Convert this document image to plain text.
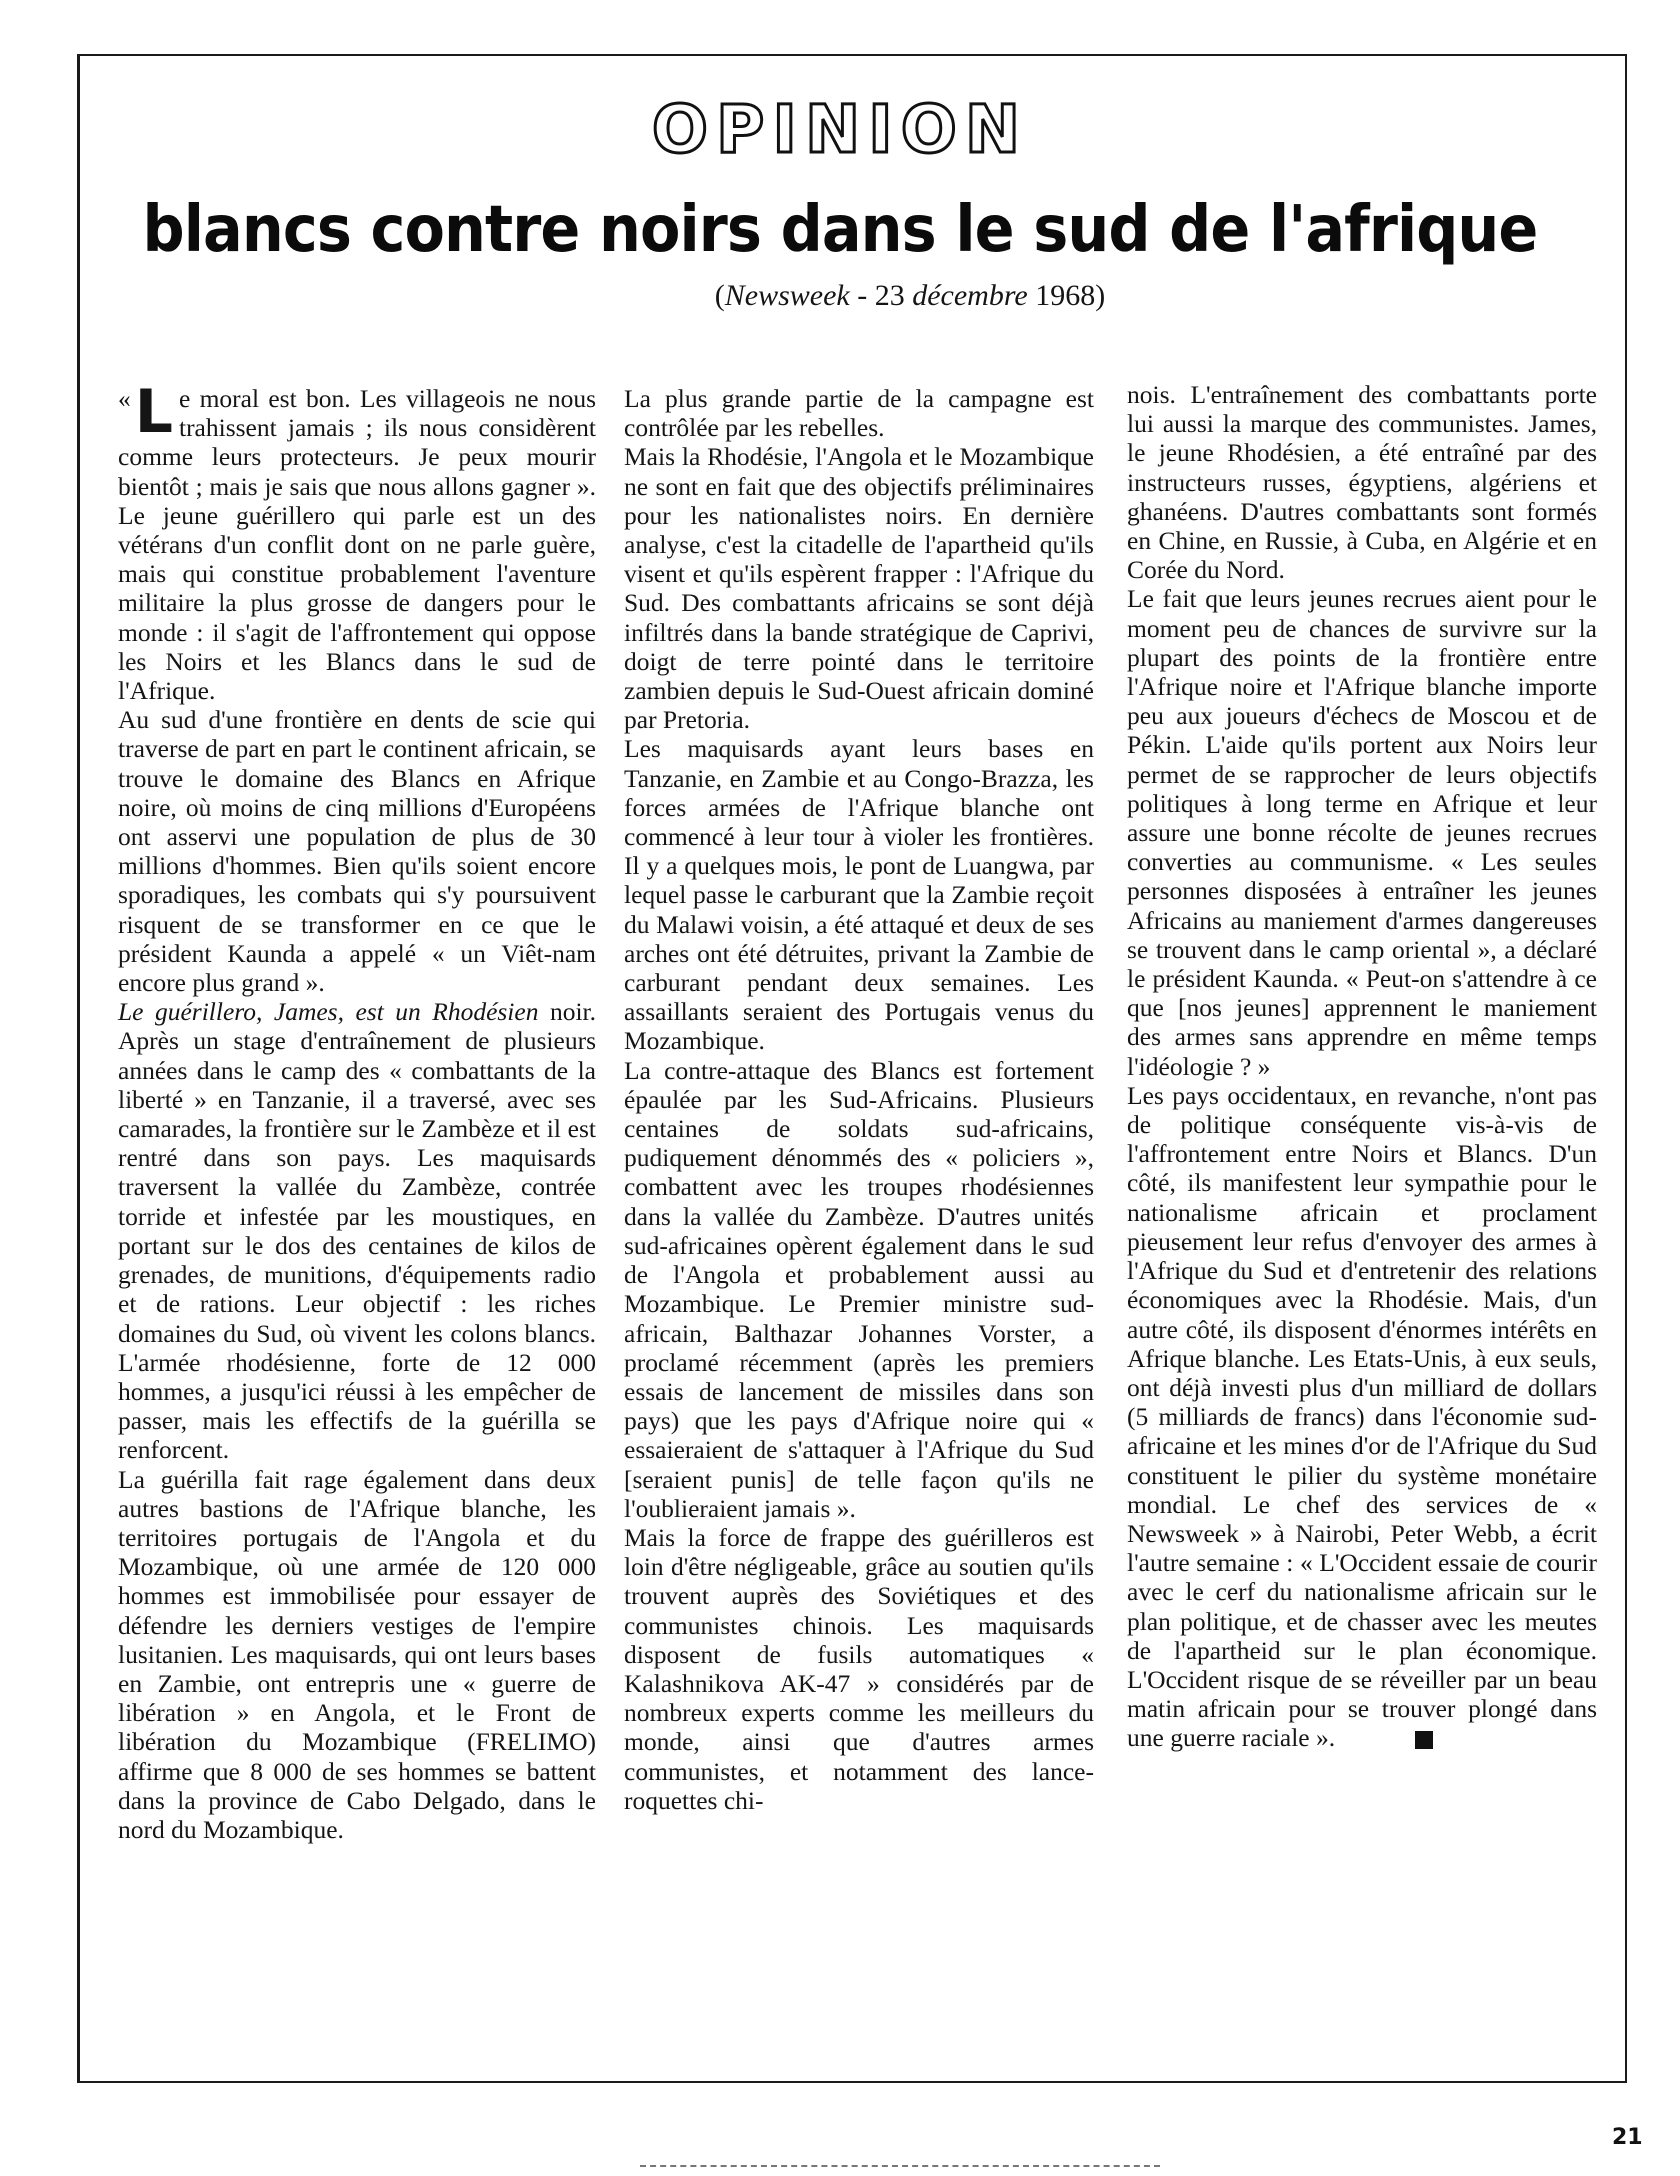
OPINION
blancs contre noirs dans le sud de l'afrique
(Newsweek - 23 décembre 1968)

« L e moral est bon. Les villageois ne nous trahissent jamais ; ils nous considèrent comme leurs protecteurs. Je peux mourir bientôt ; mais je sais que nous allons gagner ». Le jeune guérillero qui parle est un des vétérans d'un conflit dont on ne parle guère, mais qui constitue probablement l'aventure militaire la plus grosse de dangers pour le monde : il s'agit de l'affrontement qui oppose les Noirs et les Blancs dans le sud de l'Afrique.

Au sud d'une frontière en dents de scie qui traverse de part en part le continent africain, se trouve le domaine des Blancs en Afrique noire, où moins de cinq millions d'Européens ont asservi une population de plus de 30 millions d'hommes. Bien qu'ils soient encore sporadiques, les combats qui s'y poursuivent risquent de se transformer en ce que le président Kaunda a appelé « un Viêt-nam encore plus grand ».

Le guérillero, James, est un Rhodésien noir. Après un stage d'entraînement de plusieurs années dans le camp des « combattants de la liberté » en Tanzanie, il a traversé, avec ses camarades, la frontière sur le Zambèze et il est rentré dans son pays. Les maquisards traversent la vallée du Zambèze, contrée torride et infestée par les moustiques, en portant sur le dos des centaines de kilos de grenades, de munitions, d'équipements radio et de rations. Leur objectif : les riches domaines du Sud, où vivent les colons blancs. L'armée rhodésienne, forte de 12 000 hommes, a jusqu'ici réussi à les empêcher de passer, mais les effectifs de la guérilla se renforcent.

La guérilla fait rage également dans deux autres bastions de l'Afrique blanche, les territoires portugais de l'Angola et du Mozambique, où une armée de 120 000 hommes est immobilisée pour essayer de défendre les derniers vestiges de l'empire lusitanien. Les maquisards, qui ont leurs bases en Zambie, ont entrepris une « guerre de libération » en Angola, et le Front de libération du Mozambique (FRELIMO) affirme que 8 000 de ses hommes se battent dans la province de Cabo Delgado, dans le nord du Mozambique.

La plus grande partie de la campagne est contrôlée par les rebelles.

Mais la Rhodésie, l'Angola et le Mozambique ne sont en fait que des objectifs préliminaires pour les nationalistes noirs. En dernière analyse, c'est la citadelle de l'apartheid qu'ils visent et qu'ils espèrent frapper : l'Afrique du Sud. Des combattants africains se sont déjà infiltrés dans la bande stratégique de Caprivi, doigt de terre pointé dans le territoire zambien depuis le Sud-Ouest africain dominé par Pretoria.

Les maquisards ayant leurs bases en Tanzanie, en Zambie et au Congo-Brazza, les forces armées de l'Afrique blanche ont commencé à leur tour à violer les frontières. Il y a quelques mois, le pont de Luangwa, par lequel passe le carburant que la Zambie reçoit du Malawi voisin, a été attaqué et deux de ses arches ont été détruites, privant la Zambie de carburant pendant deux semaines. Les assaillants seraient des Portugais venus du Mozambique.

La contre-attaque des Blancs est fortement épaulée par les Sud-Africains. Plusieurs centaines de soldats sud-africains, pudiquement dénommés des « policiers », combattent avec les troupes rhodésiennes dans la vallée du Zambèze. D'autres unités sud-africaines opèrent également dans le sud de l'Angola et probablement aussi au Mozambique. Le Premier ministre sud-africain, Balthazar Johannes Vorster, a proclamé récemment (après les premiers essais de lancement de missiles dans son pays) que les pays d'Afrique noire qui « essaieraient de s'attaquer à l'Afrique du Sud [seraient punis] de telle façon qu'ils ne l'oublieraient jamais ».

Mais la force de frappe des guérilleros est loin d'être négligeable, grâce au soutien qu'ils trouvent auprès des Soviétiques et des communistes chinois. Les maquisards disposent de fusils automatiques « Kalashnikova AK-47 » considérés par de nombreux experts comme les meilleurs du monde, ainsi que d'autres armes communistes, et notamment des lance-roquettes chi-

nois. L'entraînement des combattants porte lui aussi la marque des communistes. James, le jeune Rhodésien, a été entraîné par des instructeurs russes, égyptiens, algériens et ghanéens. D'autres combattants sont formés en Chine, en Russie, à Cuba, en Algérie et en Corée du Nord.

Le fait que leurs jeunes recrues aient pour le moment peu de chances de survivre sur la plupart des points de la frontière entre l'Afrique noire et l'Afrique blanche importe peu aux joueurs d'échecs de Moscou et de Pékin. L'aide qu'ils portent aux Noirs leur permet de se rapprocher de leurs objectifs politiques à long terme en Afrique et leur assure une bonne récolte de jeunes recrues converties au communisme. « Les seules personnes disposées à entraîner les jeunes Africains au maniement d'armes dangereuses se trouvent dans le camp oriental », a déclaré le président Kaunda. « Peut-on s'attendre à ce que [nos jeunes] apprennent le maniement des armes sans apprendre en même temps l'idéologie ? »

Les pays occidentaux, en revanche, n'ont pas de politique conséquente vis-à-vis de l'affrontement entre Noirs et Blancs. D'un côté, ils manifestent leur sympathie pour le nationalisme africain et proclament pieusement leur refus d'envoyer des armes à l'Afrique du Sud et d'entretenir des relations économiques avec la Rhodésie. Mais, d'un autre côté, ils disposent d'énormes intérêts en Afrique blanche. Les Etats-Unis, à eux seuls, ont déjà investi plus d'un milliard de dollars (5 milliards de francs) dans l'économie sud-africaine et les mines d'or de l'Afrique du Sud constituent le pilier du système monétaire mondial. Le chef des services de « Newsweek » à Nairobi, Peter Webb, a écrit l'autre semaine : « L'Occident essaie de courir avec le cerf du nationalisme africain sur le plan politique, et de chasser avec les meutes de l'apartheid sur le plan économique. L'Occident risque de se réveiller par un beau matin africain pour se trouver plongé dans une guerre raciale ».

21
